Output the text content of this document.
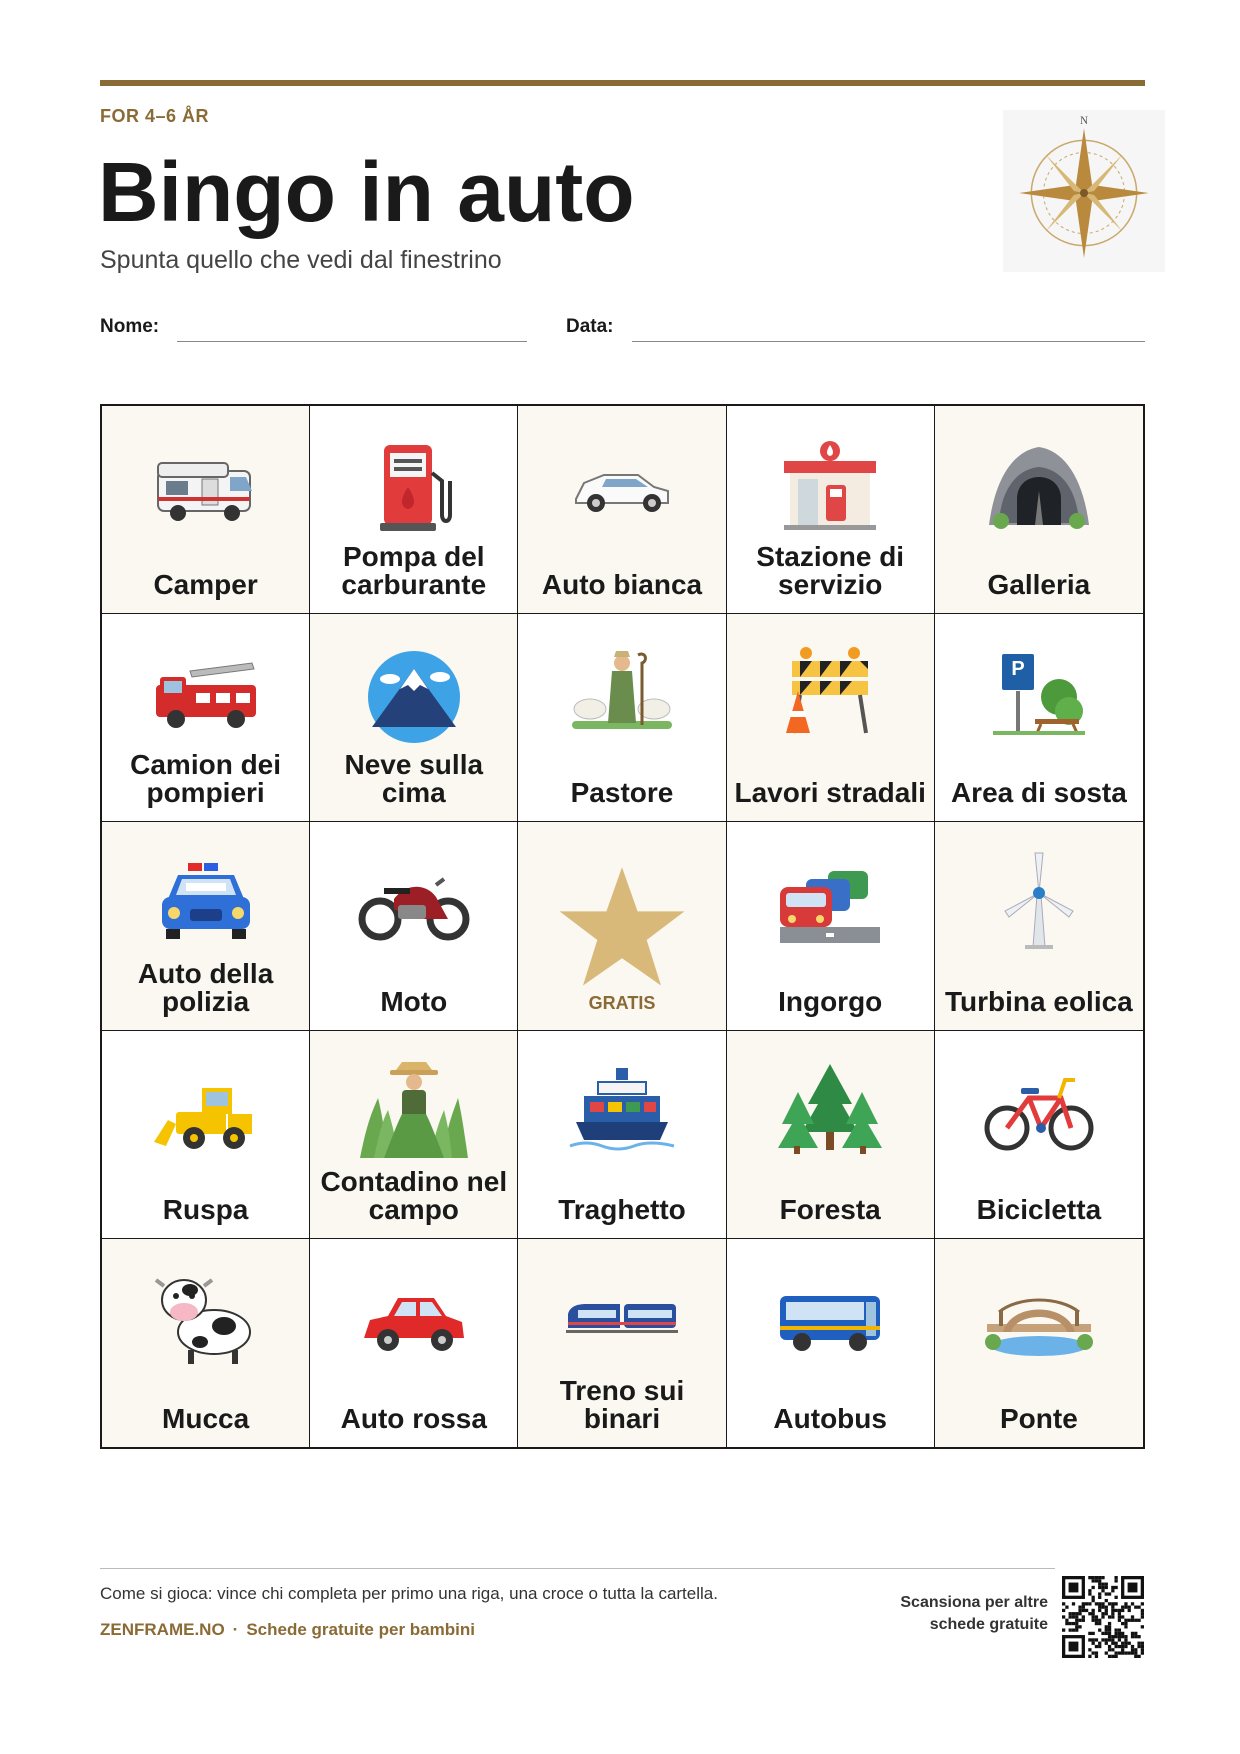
FOR 4–6 ÅR
Bingo in auto
Spunta quello che vedi dal finestrino
N
Nome:	Data:
Camper
Pompa del carburante	Auto bianca
Stazione di servizio	Galleria
Camion dei pompieri
Neve sulla cima	Pastore	Lavori stradali
P
Area di sosta
Auto della polizia	Moto	GRATIS	Ingorgo	Turbina eolica
Ruspa
Contadino nel campo	Traghetto	Foresta	Bicicletta
Mucca	Auto rossa
Treno sui binari	Autobus	Ponte
Come si gioca: vince chi completa per primo una riga, una croce o tutta la cartella.
ZENFRAME.NO · Schede gratuite per bambini
Scansiona per altre
schede gratuite
